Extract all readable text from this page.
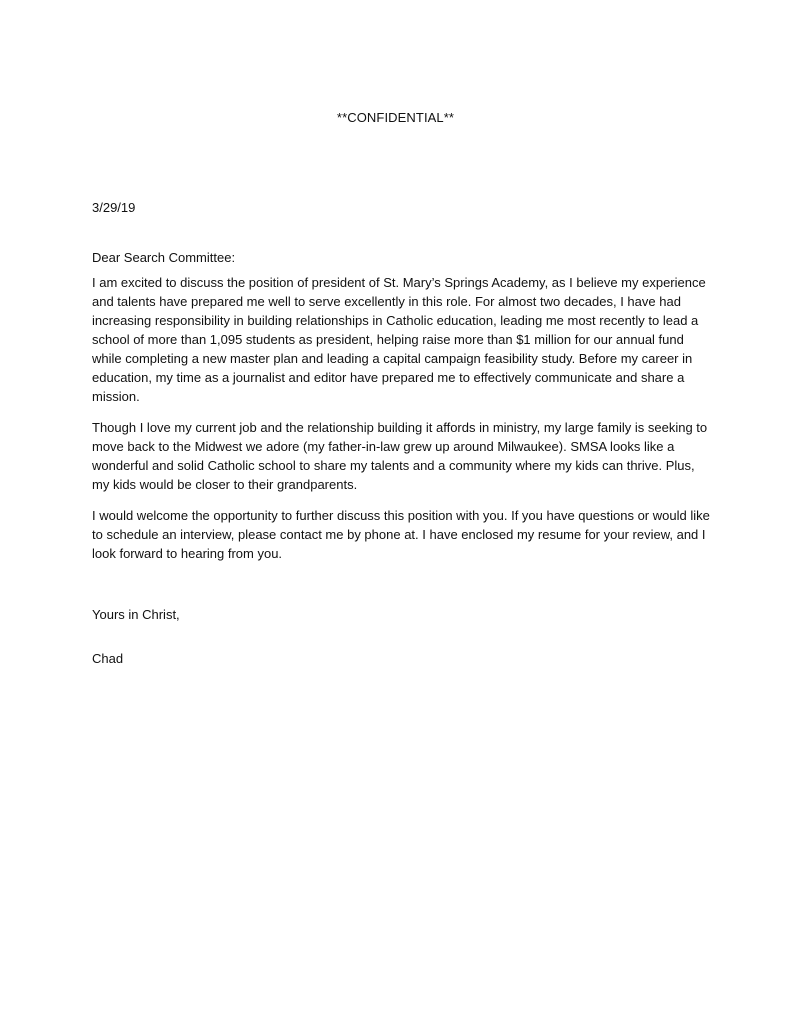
**CONFIDENTIAL**
3/29/19

Dear Search Committee:

I am excited to discuss the position of president of St. Mary’s Springs Academy, as I believe my experience and talents have prepared me well to serve excellently in this role. For almost two decades, I have had increasing responsibility in building relationships in Catholic education, leading me most recently to lead a school of more than 1,095 students as president, helping raise more than $1 million for our annual fund while completing a new master plan and leading a capital campaign feasibility study. Before my career in education, my time as a journalist and editor have prepared me to effectively communicate and share a mission.

Though I love my current job and the relationship building it affords in ministry, my large family is seeking to move back to the Midwest we adore (my father-in-law grew up around Milwaukee). SMSA looks like a wonderful and solid Catholic school to share my talents and a community where my kids can thrive. Plus, my kids would be closer to their grandparents.

I would welcome the opportunity to further discuss this position with you. If you have questions or would like to schedule an interview, please contact me by phone at. I have enclosed my resume for your review, and I look forward to hearing from you.

Yours in Christ,
Chad
